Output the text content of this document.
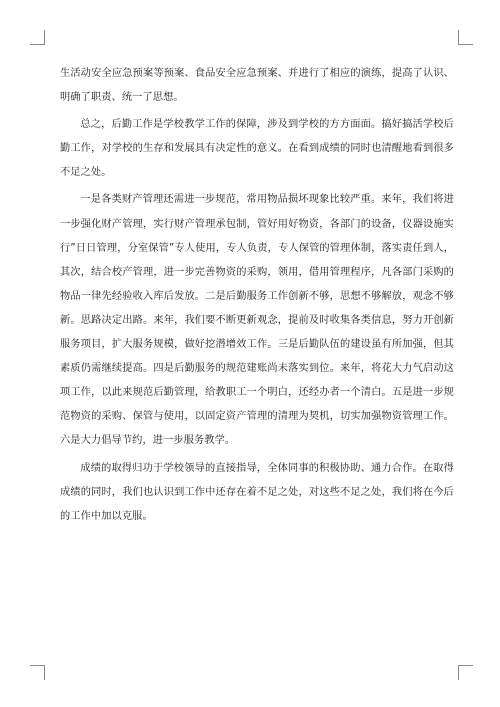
生活动安全应急预案等预案、食品安全应急预案、并进行了相应的演练，提高了认识、明确了职责、统一了思想。

总之，后勤工作是学校教学工作的保障，涉及到学校的方方面面。搞好搞活学校后勤工作，对学校的生存和发展具有决定性的意义。在看到成绩的同时也清醒地看到很多不足之处。

一是各类财产管理还需进一步规范，常用物品损坏现象比较严重。来年，我们将进一步强化财产管理，实行财产管理承包制，管好用好物资，各部门的设备，仪器设施实行”日日管理，分室保管”专人使用，专人负责，专人保管的管理体制，落实责任到人，其次，结合校产管理，进一步完善物资的采购，领用，借用管理程序，凡各部门采购的物品一律先经验收入库后发放。二是后勤服务工作创新不够，思想不够解放，观念不够新。思路决定出路。来年，我们要不断更新观念，提前及时收集各类信息，努力开创新服务项目，扩大服务规模，做好挖潜增效工作。三是后勤队伍的建设虽有所加强，但其素质仍需继续提高。四是后勤服务的规范建账尚未落实到位。来年，将花大力气启动这项工作，以此来规范后勤管理，给教职工一个明白，还经办者一个清白。五是进一步规范物资的采购、保管与使用，以固定资产管理的清理为契机，切实加强物资管理工作。六是大力倡导节约，进一步服务教学。

成绩的取得归功于学校领导的直接指导，全体同事的积极协助、通力合作。在取得成绩的同时，我们也认识到工作中还存在着不足之处，对这些不足之处，我们将在今后的工作中加以克服。
